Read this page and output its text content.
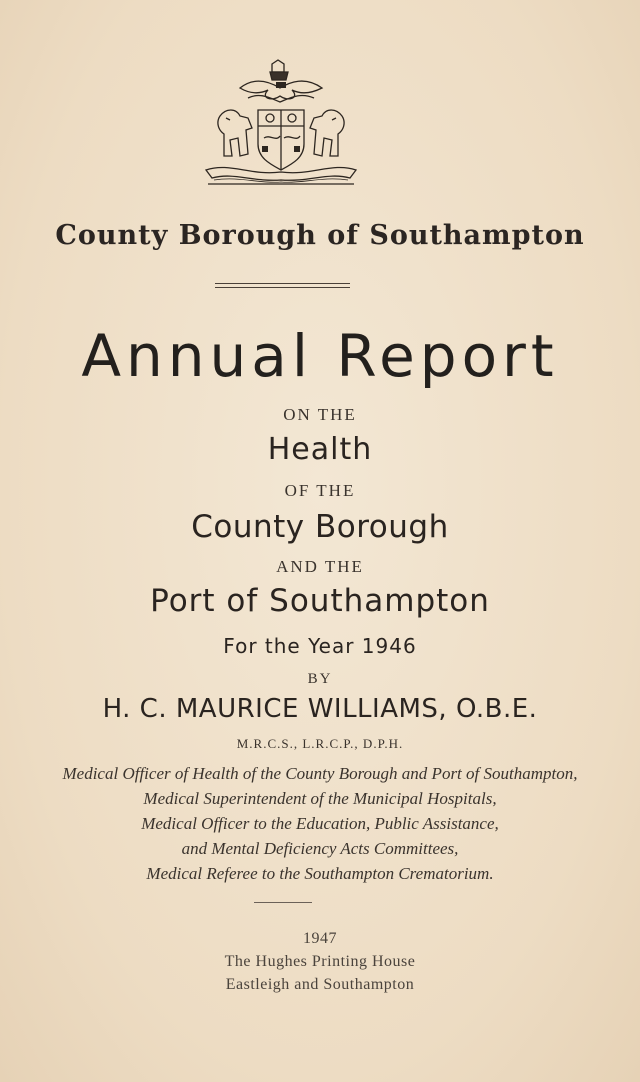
County Borough of Southampton
Annual Report
ON THE
Health
OF THE
County Borough
AND THE
Port of Southampton
For the Year 1946
BY
H. C. MAURICE WILLIAMS, O.B.E.
M.R.C.S., L.R.C.P., D.P.H.
Medical Officer of Health of the County Borough and Port of Southampton,
Medical Superintendent of the Municipal Hospitals,
Medical Officer to the Education, Public Assistance,
and Mental Deficiency Acts Committees,
Medical Referee to the Southampton Crematorium.
1947
The Hughes Printing House
Eastleigh and Southampton
